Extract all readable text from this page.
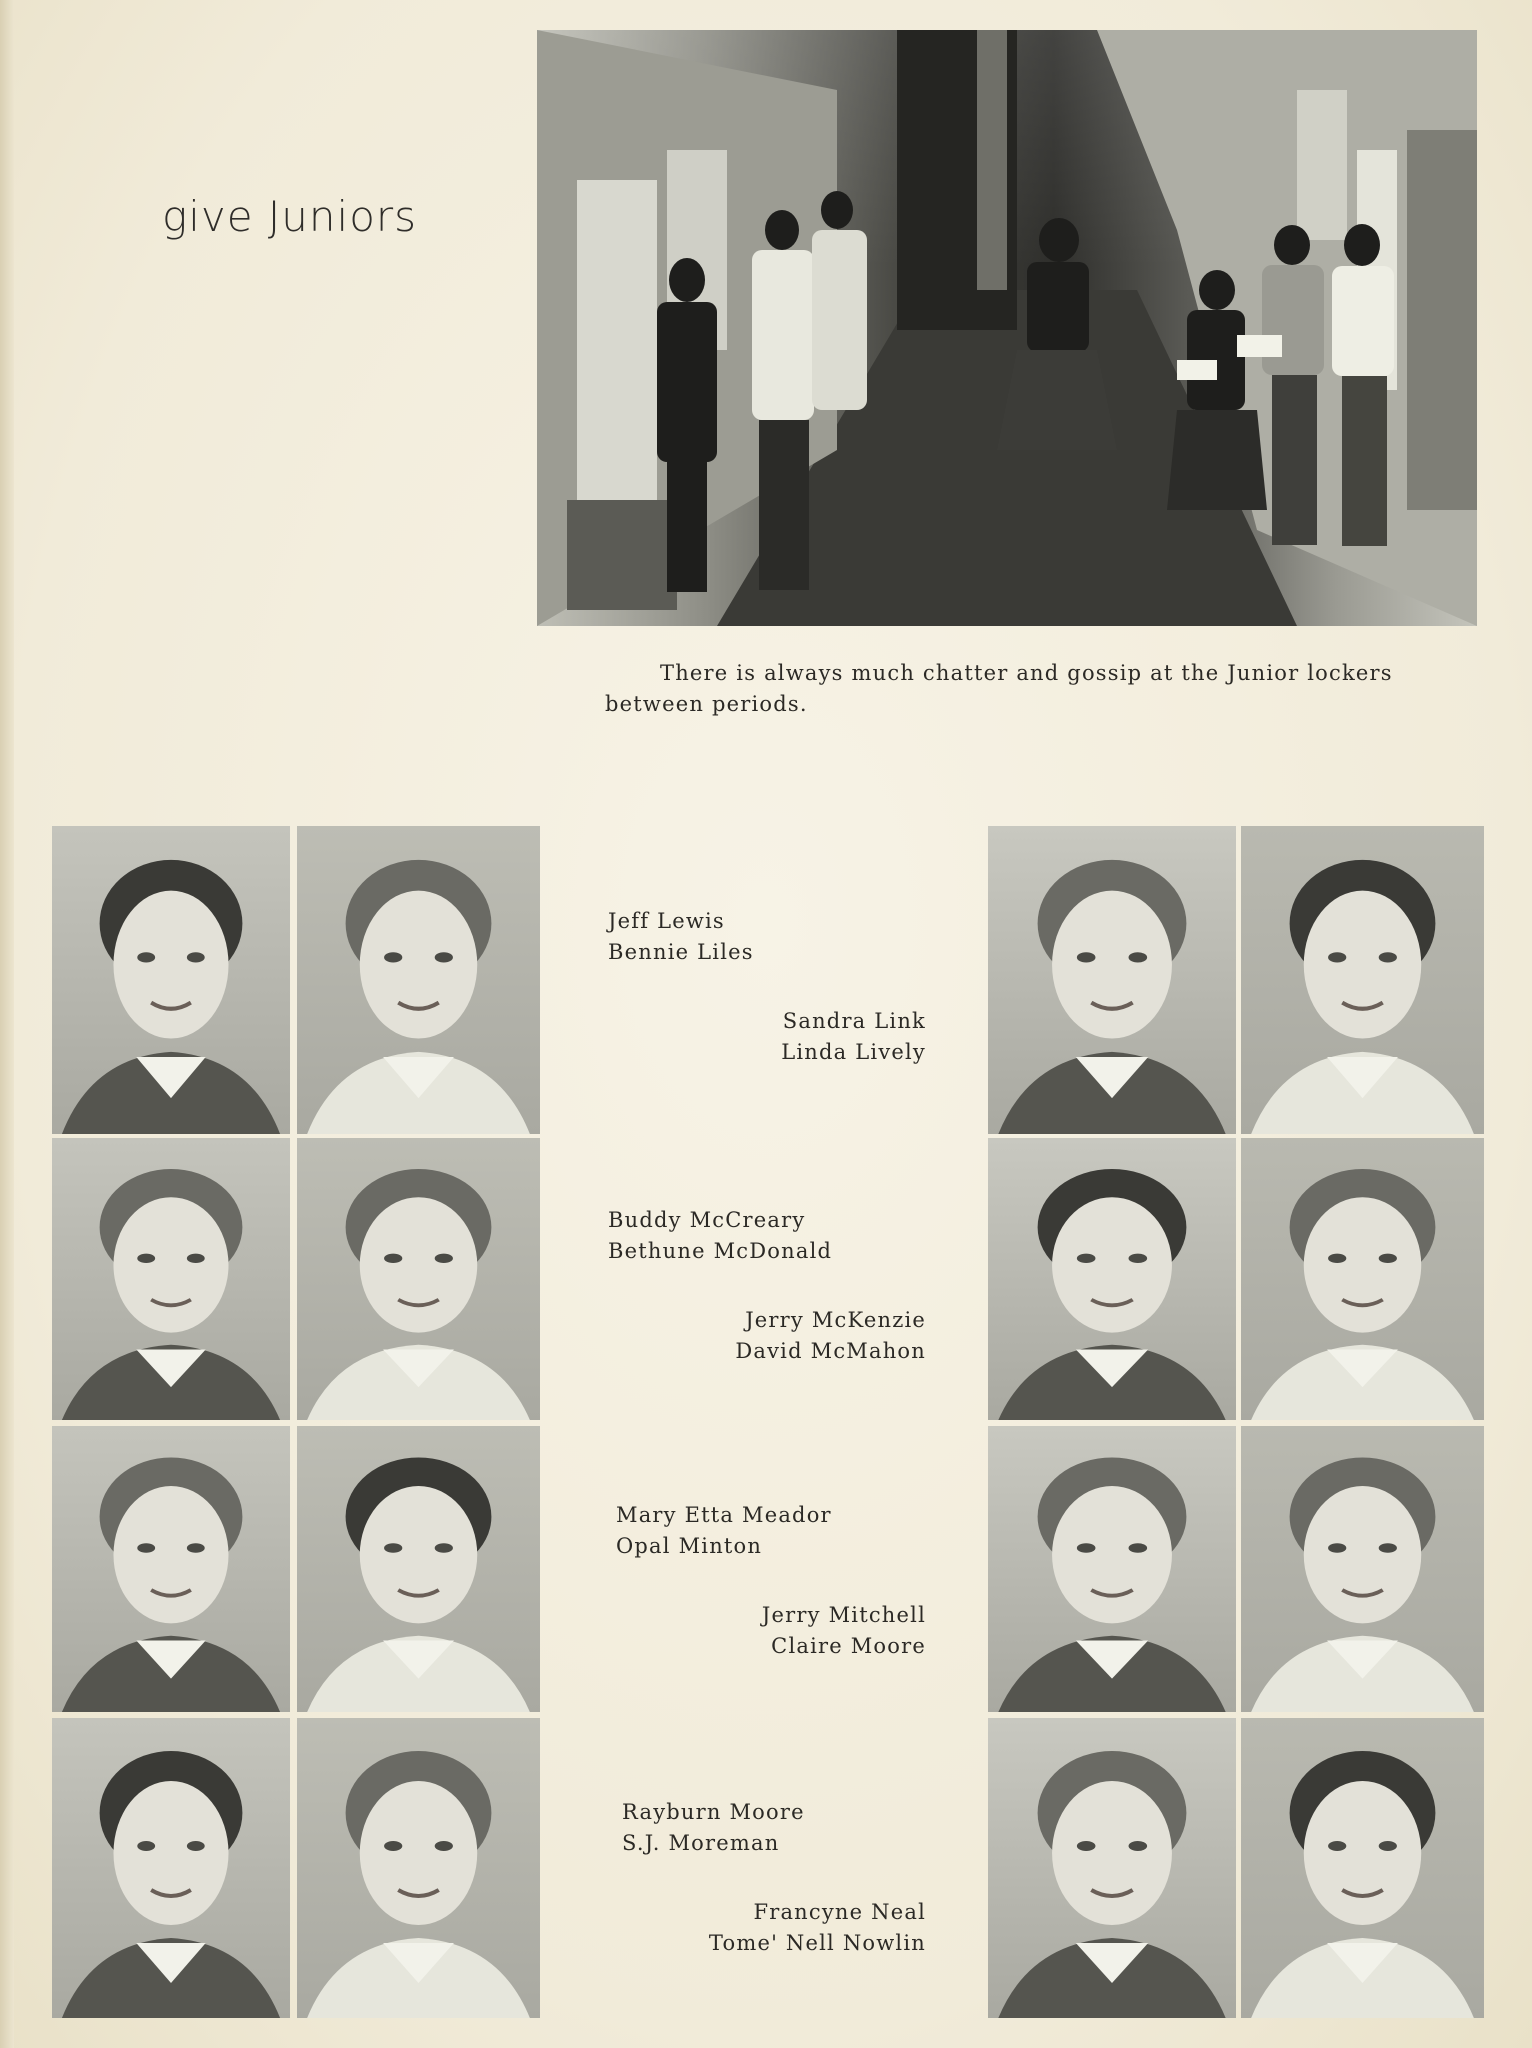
give Juniors
There is always much chatter and gossip at the Junior lockers between periods.
Jeff Lewis
Bennie Liles
Sandra Link
Linda Lively
Buddy McCreary
Bethune McDonald
Jerry McKenzie
David McMahon
Mary Etta Meador
Opal Minton
Jerry Mitchell
Claire Moore
Rayburn Moore
S.J. Moreman
Francyne Neal
Tome' Nell Nowlin
